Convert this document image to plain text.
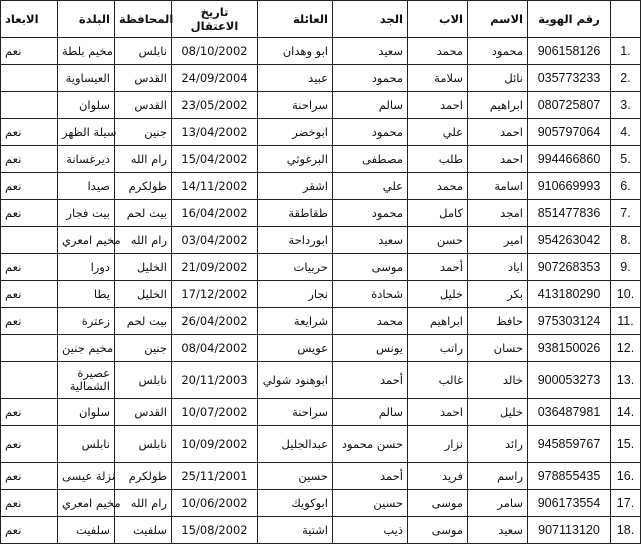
الابعاد	البلدة	المحافظة	تاريخ الاعتقال	العائلة	الجد	الاب	الاسم	رقم الهوية	
نعم	مخيم بلطة	نابلس	08/10/2002	ابو وهدان	سعيد	محمد	محمود	906158126	1.
	العيساوية	القدس	24/09/2004	عبيد	محمود	سلامة	نائل	035773233	2.
	سلوان	القدس	23/05/2002	سراحنة	سالم	احمد	ابراهيم	080725807	3.
نعم	سيلة الظهر	جنين	13/04/2002	ابوخضر	محمود	علي	احمد	905797064	4.
نعم	ديرغسانة	رام الله	15/04/2002	البرغوثي	مصطفى	طلب	احمد	994466860	5.
نعم	صيدا	طولكرم	14/11/2002	اشقر	علي	محمد	اسامة	910669993	6.
نعم	بيت فجار	بيت لحم	16/04/2002	طقاطقة	محمود	كامل	امجد	851477836	7.
	مخيم امعري	رام الله	03/04/2002	ابورداحة	سعيد	حسن	امير	954263042	8.
نعم	دورا	الخليل	21/09/2002	حربيات	موسى	أحمد	اياد	907268353	9.
نعم	يطا	الخليل	17/12/2002	نجار	شحادة	خليل	بكر	413180290	10.
نعم	زعترة	بيت لحم	26/04/2002	شرايعة	محمد	ابراهيم	حافظ	975303124	11.
	مخيم جنين	جنين	08/04/2002	عويس	يونس	راتب	حسان	938150026	12.
	عصيرة الشمالية	نابلس	20/11/2003	ابوهنود شولي	أحمد	غالب	خالد	900053273	13.
نعم	سلوان	القدس	10/07/2002	سراحنة	سالم	احمد	خليل	036487981	14.
نعم	نابلس	نابلس	10/09/2002	عبدالجليل	حسن محمود	نزار	رائد	945859767	15.
نعم	نزلة عيسى	طولكرم	25/11/2001	حسين	أحمد	فريد	راسم	978855435	16.
نعم	مخيم امعري	رام الله	10/06/2002	ابوكويك	حسين	موسى	سامر	906173554	17.
نعم	سلفيت	سلفيت	15/08/2002	اشتية	ذيب	موسى	سعيد	907113120	18.
